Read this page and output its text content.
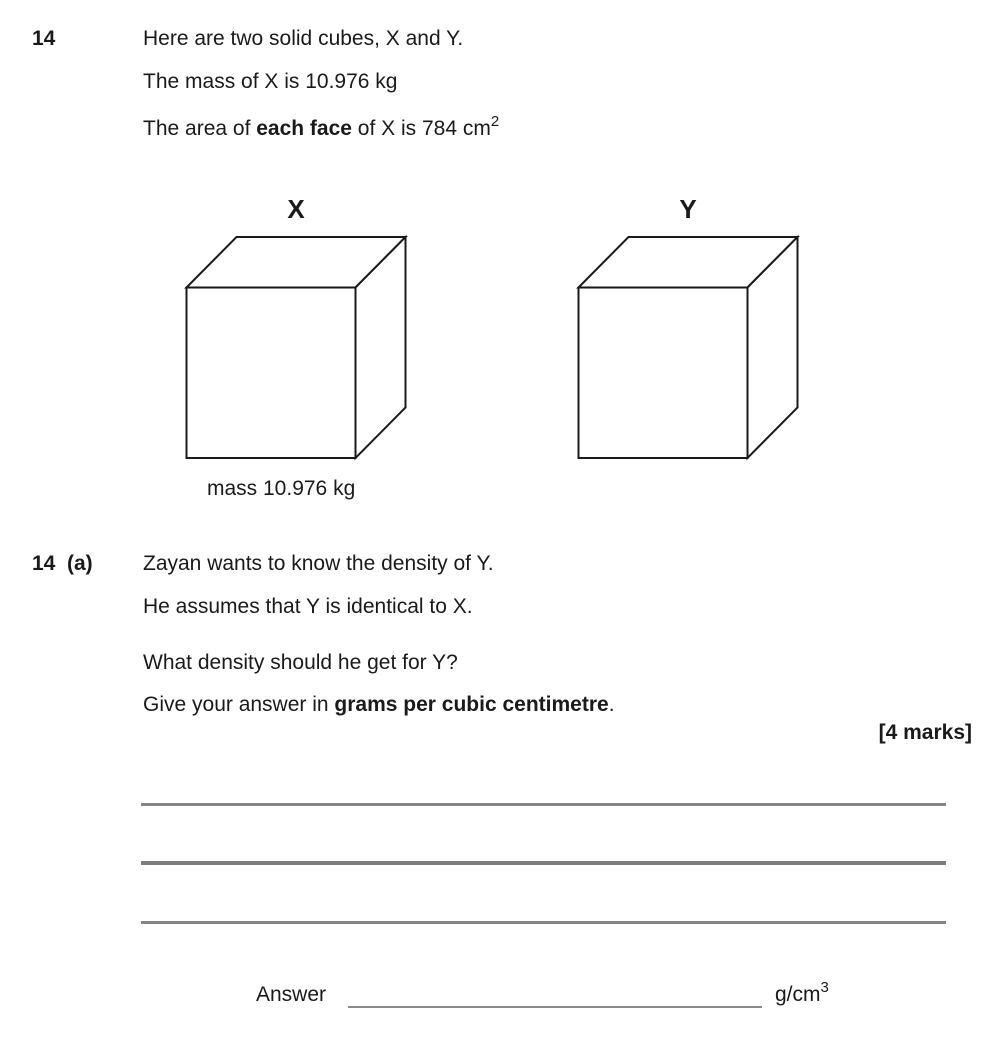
14	Here are two solid cubes, X and Y.
The mass of X is 10.976 kg
The area of each face of X is 784 $cm^2$
X	Y
mass 10.976 kg
14 (a) Zayan wants to know the density of Y.
He assumes that Y is identical to X.
What density should he get for Y?
Give your answer in grams per cubic centimetre.
[4 marks]
Answer	$g/cm^3$
